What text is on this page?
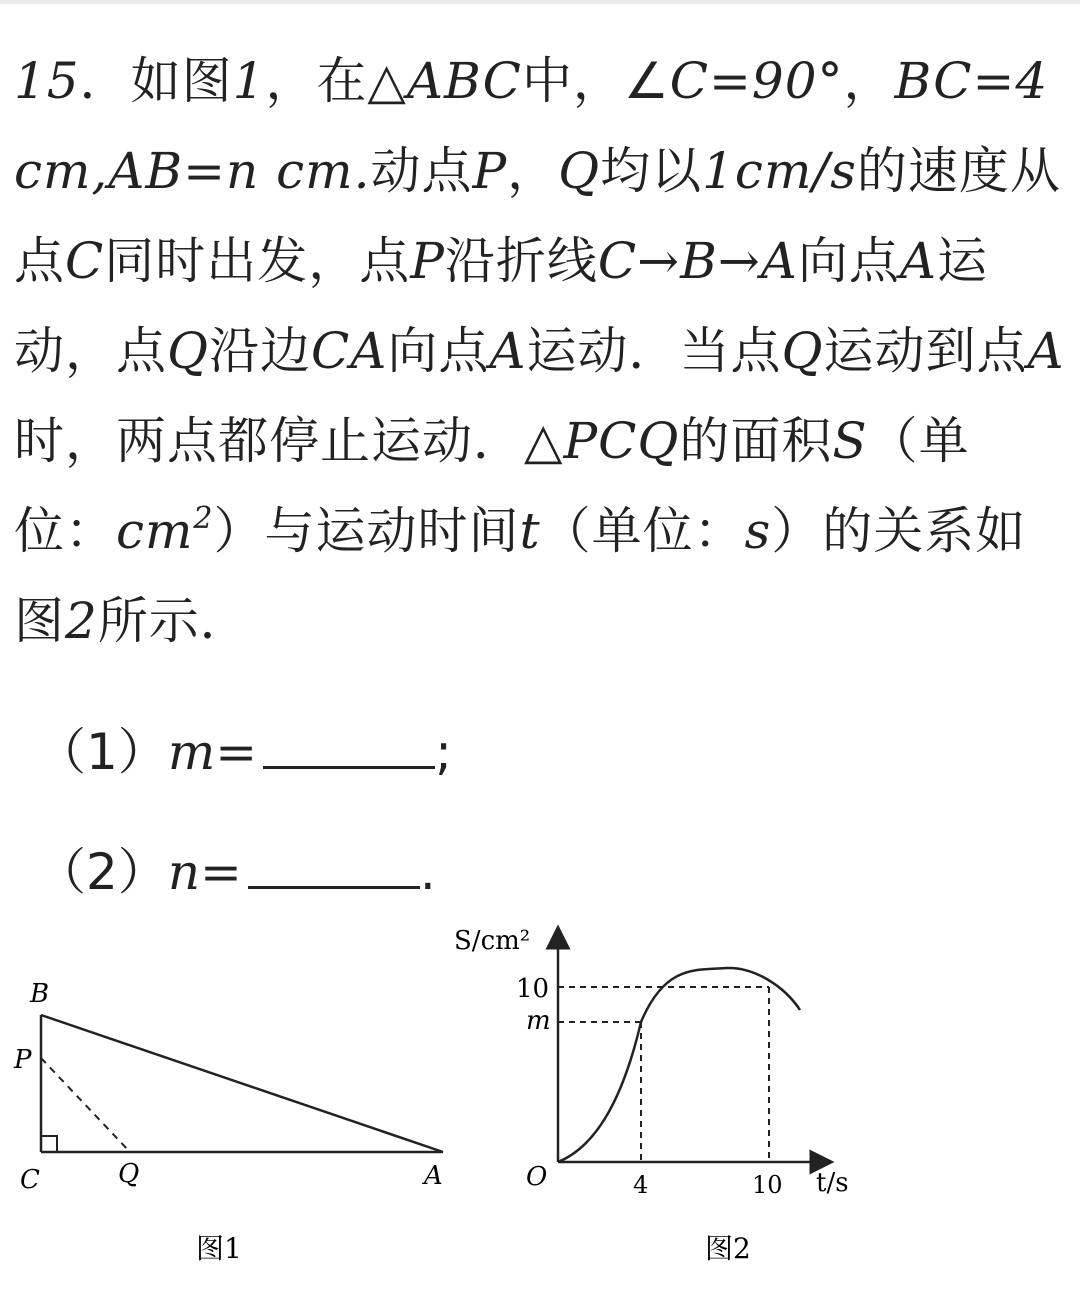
15．如图1，在△ABC中，∠C=90°，BC=4cm,AB=n cm.动点P，Q均以1cm/s的速度从点C同时出发，点P沿折线C→B→A向点A运动，点Q沿边CA向点A运动．当点Q运动到点A时，两点都停止运动．△PCQ的面积S（单位：$cm^2$）与运动时间t（单位：s）的关系如图2所示．
（1）m=	;
（2）n=	.
B
P
C	Q	A
图1
S/cm²
10
m
O	4	10 t/s
图2
